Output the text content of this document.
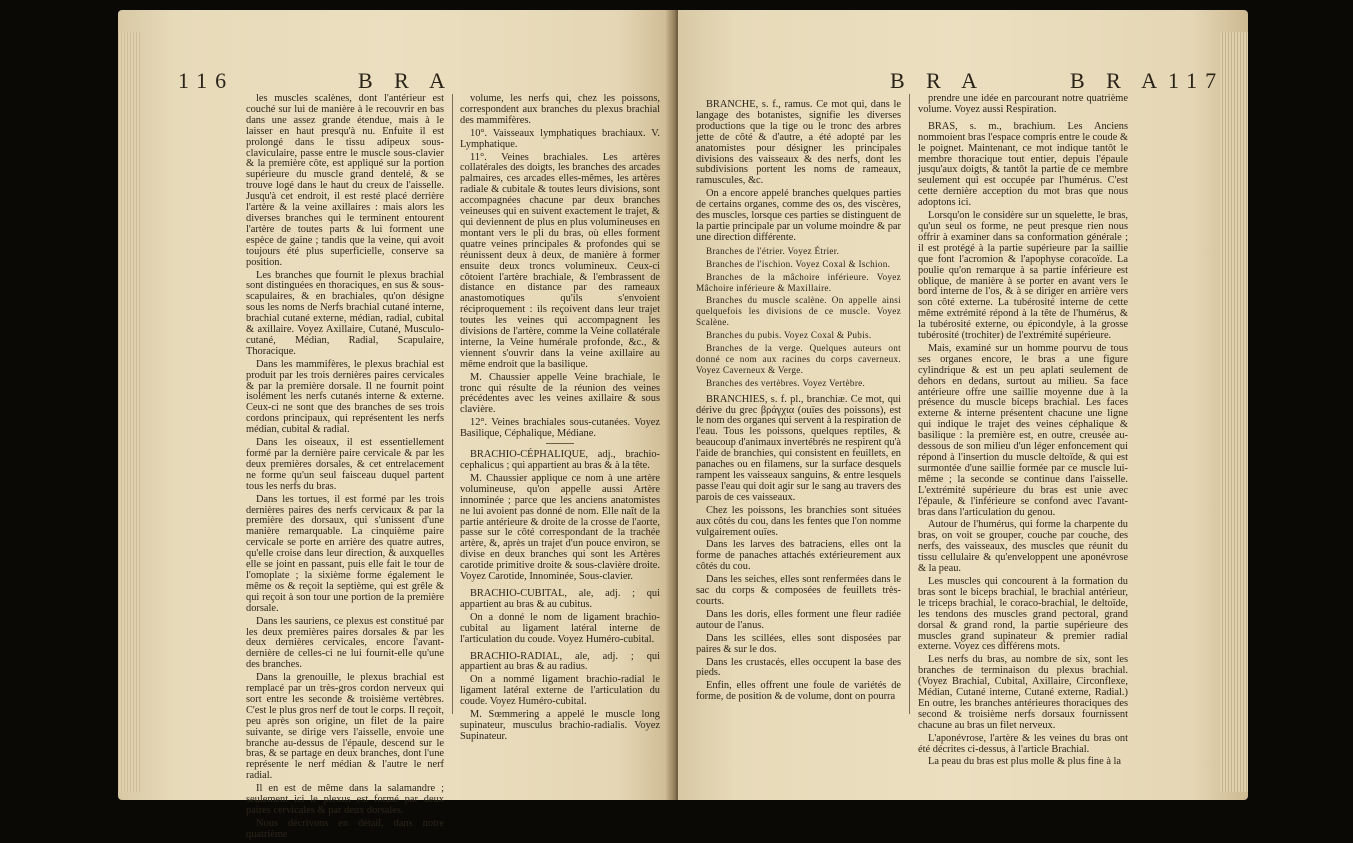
116	B R A

les muscles scalènes, dont l'antérieur est couché sur lui de manière à le recouvrir en bas dans une assez grande étendue, mais à le laisser en haut presqu'à nu. Enfuite il est prolongé dans le tissu adipeux sous-claviculaire, passe entre le muscle sous-clavier & la première côte, est appliqué sur la portion supérieure du muscle grand dentelé, & se trouve logé dans le haut du creux de l'aisselle. Jusqu'à cet endroit, il est resté placé derrière l'artère & la veine axillaires : mais alors les diverses branches qui le terminent entourent l'artère de toutes parts & lui forment une espèce de gaine ; tandis que la veine, qui avoit toujours été plus superficielle, conserve sa position.

Les branches que fournit le plexus brachial sont distinguées en thoraciques, en sus & sous-scapulaires, & en brachiales, qu'on désigne sous les noms de Nerfs brachial cutané interne, brachial cutané externe, médian, radial, cubital & axillaire. Voyez Axillaire, Cutané, Musculo-cutané, Médian, Radial, Scapulaire, Thoracique.

Dans les mammifères, le plexus brachial est produit par les trois dernières paires cervicales & par la première dorsale. Il ne fournit point isolément les nerfs cutanés interne & externe. Ceux-ci ne sont que des branches de ses trois cordons principaux, qui représentent les nerfs médian, cubital & radial.

Dans les oiseaux, il est essentiellement formé par la dernière paire cervicale & par les deux premières dorsales, & cet entrelacement ne forme qu'un seul faisceau duquel partent tous les nerfs du bras.

Dans les tortues, il est formé par les trois dernières paires des nerfs cervicaux & par la première des dorsaux, qui s'unissent d'une manière remarquable. La cinquième paire cervicale se porte en arrière des quatre autres, qu'elle croise dans leur direction, & auxquelles elle se joint en passant, puis elle fait le tour de l'omoplate ; la sixième forme également le même os & reçoit la septième, qui est grêle & qui reçoit à son tour une portion de la première dorsale.

Dans les sauriens, ce plexus est constitué par les deux premières paires dorsales & par les deux dernières cervicales, encore l'avant-dernière de celles-ci ne lui fournit-elle qu'une des branches.

Dans la grenouille, le plexus brachial est remplacé par un très-gros cordon nerveux qui sort entre les seconde & troisième vertèbres. C'est le plus gros nerf de tout le corps. Il reçoit, peu après son origine, un filet de la paire suivante, se dirige vers l'aisselle, envoie une branche au-dessus de l'épaule, descend sur le bras, & se partage en deux branches, dont l'une représente le nerf médian & l'autre le nerf radial.

Il en est de même dans la salamandre ; seulement ici le plexus est formé par deux paires cervicales & par deux dorsales.

Nous décrivons en détail, dans notre quatrième

volume, les nerfs qui, chez les poissons, correspondent aux branches du plexus brachial des mammifères.

10°. Vaisseaux lymphatiques brachiaux. V. Lymphatique.

11°. Veines brachiales. Les artères collatérales des doigts, les branches des arcades palmaires, ces arcades elles-mêmes, les artères radiale & cubitale & toutes leurs divisions, sont accompagnées chacune par deux branches veineuses qui en suivent exactement le trajet, & qui deviennent de plus en plus volumineuses en montant vers le pli du bras, où elles forment quatre veines principales & profondes qui se réunissent deux à deux, de manière à former ensuite deux troncs volumineux. Ceux-ci côtoient l'artère brachiale, & l'embrassent de distance en distance par des rameaux anastomotiques qu'ils s'envoient réciproquement : ils reçoivent dans leur trajet toutes les veines qui accompagnent les divisions de l'artère, comme la Veine collatérale interne, la Veine humérale profonde, &c., & viennent s'ouvrir dans la veine axillaire au même endroit que la basilique.

M. Chaussier appelle Veine brachiale, le tronc qui résulte de la réunion des veines précédentes avec les veines axillaire & sous clavière.

12°. Veines brachiales sous-cutanées. Voyez Basilique, Céphalique, Médiane.

BRACHIO-CÉPHALIQUE, adj., brachio-cephalicus ; qui appartient au bras & à la tête.

M. Chaussier applique ce nom à une artère volumineuse, qu'on appelle aussi Artère innominée ; parce que les anciens anatomistes ne lui avoient pas donné de nom. Elle naît de la partie antérieure & droite de la crosse de l'aorte, passe sur le côté correspondant de la trachée artère, &, après un trajet d'un pouce environ, se divise en deux branches qui sont les Artères carotide primitive droite & sous-clavière droite. Voyez Carotide, Innominée, Sous-clavier.

BRACHIO-CUBITAL, ale, adj. ; qui appartient au bras & au cubitus.

On a donné le nom de ligament brachio-cubital au ligament latéral interne de l'articulation du coude. Voyez Huméro-cubital.

BRACHIO-RADIAL, ale, adj. ; qui appartient au bras & au radius.

On a nommé ligament brachio-radial le ligament latéral externe de l'articulation du coude. Voyez Huméro-cubital.

M. Sœmmering a appelé le muscle long supinateur, musculus brachio-radialis. Voyez Supinateur.

B R A	B R A 117

BRANCHE, s. f., ramus. Ce mot qui, dans le langage des botanistes, signifie les diverses productions que la tige ou le tronc des arbres jette de côté & d'autre, a été adopté par les anatomistes pour désigner les principales divisions des vaisseaux & des nerfs, dont les subdivisions portent les noms de rameaux, ramuscules, &c.

On a encore appelé branches quelques parties de certains organes, comme des os, des viscères, des muscles, lorsque ces parties se distinguent de la partie principale par un volume moindre & par une direction différente.

Branches de l'étrier. Voyez Étrier.

Branches de l'ischion. Voyez Coxal & Ischion.

Branches de la mâchoire inférieure. Voyez Mâchoire inférieure & Maxillaire.

Branches du muscle scalène. On appelle ainsi quelquefois les divisions de ce muscle. Voyez Scalène.

Branches du pubis. Voyez Coxal & Pubis.

Branches de la verge. Quelques auteurs ont donné ce nom aux racines du corps caverneux. Voyez Caverneux & Verge.

Branches des vertèbres. Voyez Vertèbre.

BRANCHIES, s. f. pl., branchiæ. Ce mot, qui dérive du grec βράγχια (ouïes des poissons), est le nom des organes qui servent à la respiration de l'eau. Tous les poissons, quelques reptiles, & beaucoup d'animaux invertébrés ne respirent qu'à l'aide de branchies, qui consistent en feuillets, en panaches ou en filamens, sur la surface desquels rampent les vaisseaux sanguins, & entre lesquels passe l'eau qui doit agir sur le sang au travers des parois de ces vaisseaux.

Chez les poissons, les branchies sont situées aux côtés du cou, dans les fentes que l'on nomme vulgairement ouïes.

Dans les larves des batraciens, elles ont la forme de panaches attachés extérieurement aux côtés du cou.

Dans les seiches, elles sont renfermées dans le sac du corps & composées de feuillets très-courts.

Dans les doris, elles forment une fleur radiée autour de l'anus.

Dans les scillées, elles sont disposées par paires & sur le dos.

Dans les crustacés, elles occupent la base des pieds.

Enfin, elles offrent une foule de variétés de forme, de position & de volume, dont on pourra

prendre une idée en parcourant notre quatrième volume. Voyez aussi Respiration.

BRAS, s. m., brachium. Les Anciens nommoient bras l'espace compris entre le coude & le poignet. Maintenant, ce mot indique tantôt le membre thoracique tout entier, depuis l'épaule jusqu'aux doigts, & tantôt la partie de ce membre seulement qui est occupée par l'humérus. C'est cette dernière acception du mot bras que nous adoptons ici.

Lorsqu'on le considère sur un squelette, le bras, qu'un seul os forme, ne peut presque rien nous offrir à examiner dans sa conformation générale ; il est protégé à la partie supérieure par la saillie que font l'acromion & l'apophyse coracoïde. La poulie qu'on remarque à sa partie inférieure est oblique, de manière à se porter en avant vers le bord interne de l'os, & à se diriger en arrière vers son côté externe. La tubérosité interne de cette même extrémité répond à la tête de l'humérus, & la tubérosité externe, ou épicondyle, à la grosse tubérosité (trochiter) de l'extrémité supérieure.

Mais, examiné sur un homme pourvu de tous ses organes encore, le bras a une figure cylindrique & est un peu aplati seulement de dehors en dedans, surtout au milieu. Sa face antérieure offre une saillie moyenne due à la présence du muscle biceps brachial. Les faces externe & interne présentent chacune une ligne qui indique le trajet des veines céphalique & basilique : la première est, en outre, creusée au-dessous de son milieu d'un léger enfoncement qui répond à l'insertion du muscle deltoïde, & qui est surmontée d'une saillie formée par ce muscle lui-même ; la seconde se continue dans l'aisselle. L'extrémité supérieure du bras est unie avec l'épaule, & l'inférieure se confond avec l'avant-bras dans l'articulation du genou.

Autour de l'humérus, qui forme la charpente du bras, on voit se grouper, couche par couche, des nerfs, des vaisseaux, des muscles que réunit du tissu cellulaire & qu'enveloppent une aponévrose & la peau.

Les muscles qui concourent à la formation du bras sont le biceps brachial, le brachial antérieur, le triceps brachial, le coraco-brachial, le deltoïde, les tendons des muscles grand pectoral, grand dorsal & grand rond, la partie supérieure des muscles grand supinateur & premier radial externe. Voyez ces différens mots.

Les nerfs du bras, au nombre de six, sont les branches de terminaison du plexus brachial. (Voyez Brachial, Cubital, Axillaire, Circonflexe, Médian, Cutané interne, Cutané externe, Radial.) En outre, les branches antérieures thoraciques des second & troisième nerfs dorsaux fournissent chacune au bras un filet nerveux.

L'aponévrose, l'artère & les veines du bras ont été décrites ci-dessus, à l'article Brachial.

La peau du bras est plus molle & plus fine à la
